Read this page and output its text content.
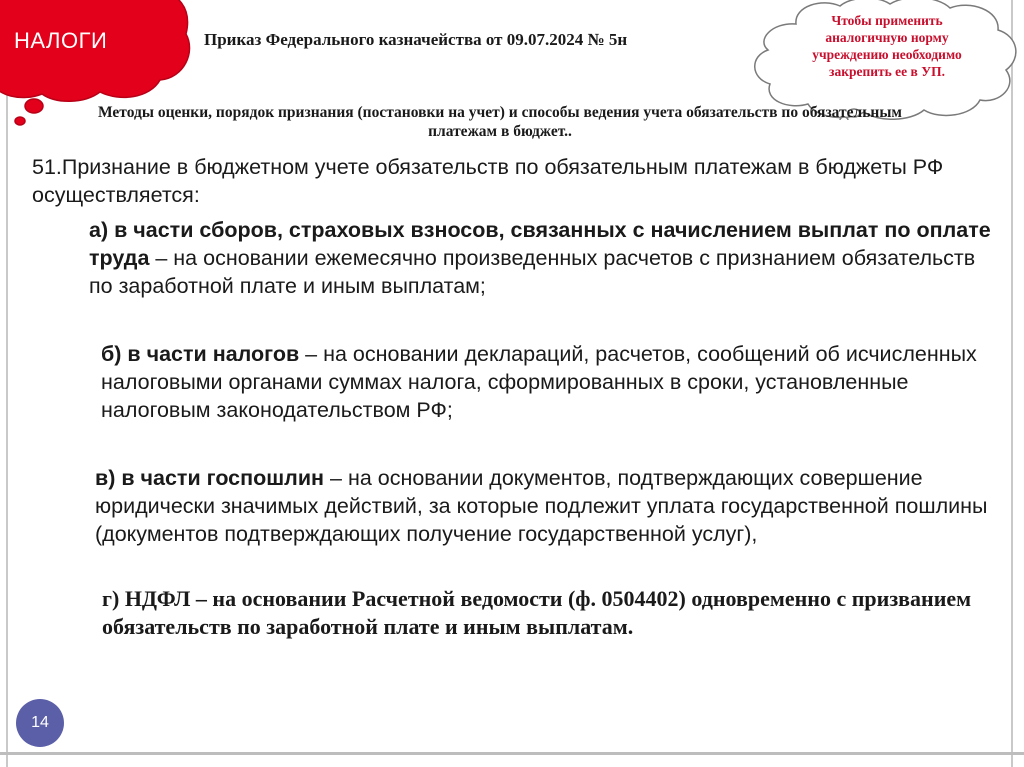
НАЛОГИ
Чтобы применить аналогичную норму учреждению необходимо закрепить ее в УП.
Приказ Федерального казначейства от 09.07.2024 № 5н
Методы оценки, порядок признания (постановки на учет) и способы ведения учета обязательств по обязательным платежам в бюджет..

51.Признание в бюджетном учете обязательств по обязательным платежам в бюджеты РФ осуществляется:

а) в части сборов, страховых взносов, связанных с начислением выплат по оплате труда – на основании ежемесячно произведенных расчетов с признанием обязательств по заработной плате и иным выплатам;

б) в части налогов – на основании деклараций, расчетов, сообщений об исчисленных налоговыми органами суммах налога, сформированных в сроки, установленные налоговым законодательством РФ;

в) в части госпошлин – на основании документов, подтверждающих совершение юридически значимых действий, за которые подлежит уплата государственной пошлины (документов подтверждающих получение государственной услуг),

г) НДФЛ – на основании Расчетной ведомости (ф. 0504402) одновременно с призванием обязательств по заработной плате и иным выплатам.

14
